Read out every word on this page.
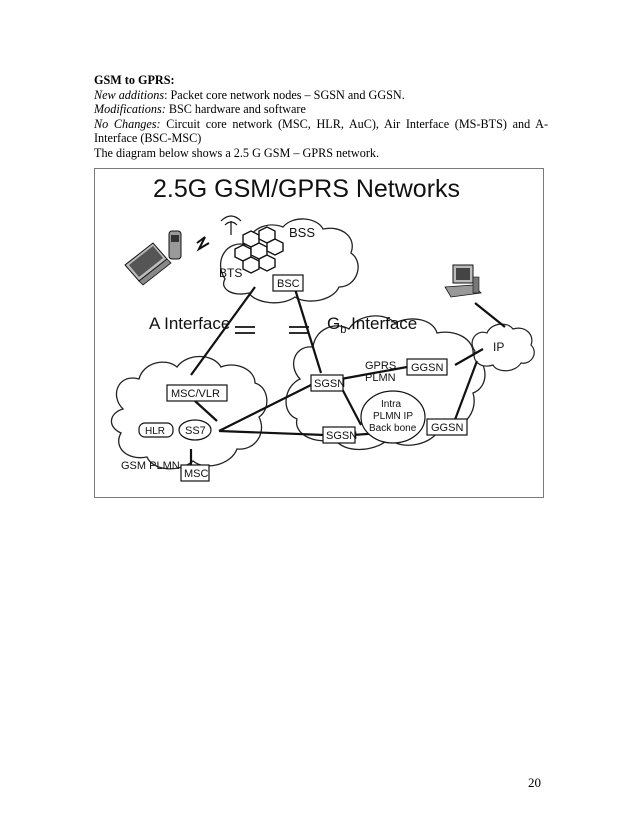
GSM to GPRS:

New additions: Packet core network nodes – SGSN and GGSN.

Modifications: BSC hardware and software

No Changes: Circuit core network (MSC, HLR, AuC), Air Interface (MS-BTS) and A-Interface (BSC-MSC)

The diagram below shows a 2.5 G GSM – GPRS network.

2.5G GSM/GPRS Networks
BSS
BTS
BSC
A Interface	$G_b$ Interface
IP
GPRS
PLMN
GGSN
GGSN
SGSN
SGSN
Intra
PLMN IP
Back bone
MSC/VLR
HLR SS7
GSM PLMN
MSC
20
